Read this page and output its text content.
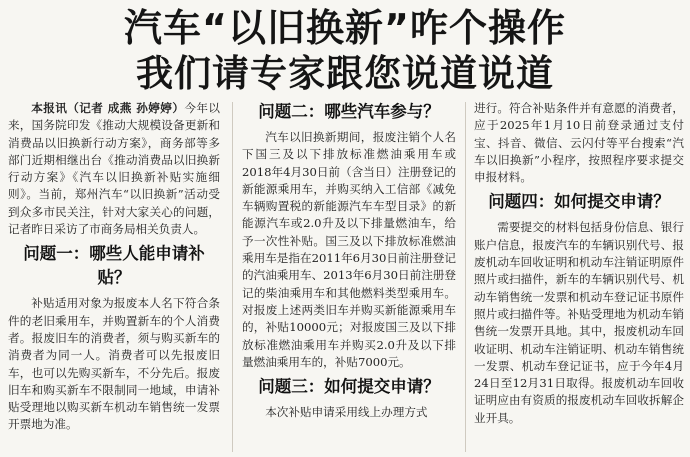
汽车“以旧换新”咋个操作
我们请专家跟您说道说道

本报讯（记者 成燕 孙婷婷）今年以来，国务院印发《推动大规模设备更新和消费品以旧换新行动方案》，商务部等多部门近期相继出台《推动消费品以旧换新行动方案》《汽车以旧换新补贴实施细则》。当前，郑州汽车“以旧换新”活动受到众多市民关注，针对大家关心的问题，记者昨日采访了市商务局相关负责人。

问题一：哪些人能申请补贴？

补贴适用对象为报废本人名下符合条件的老旧乘用车，并购置新车的个人消费者。报废旧车的消费者，须与购买新车的消费者为同一人。消费者可以先报废旧车，也可以先购买新车，不分先后。报废旧车和购买新车不限制同一地域，申请补贴受理地以购买新车机动车销售统一发票开票地为准。

问题二：哪些汽车参与？

汽车以旧换新期间，报废注销个人名下国三及以下排放标准燃油乘用车或2018年4月30日前（含当日）注册登记的新能源乘用车，并购买纳入工信部《减免车辆购置税的新能源汽车车型目录》的新能源汽车或2.0升及以下排量燃油车，给予一次性补贴。国三及以下排放标准燃油乘用车是指在2011年6月30日前注册登记的汽油乘用车、2013年6月30日前注册登记的柴油乘用车和其他燃料类型乘用车。对报废上述两类旧车并购买新能源乘用车的，补贴10000元；对报废国三及以下排放标准燃油乘用车并购买2.0升及以下排量燃油乘用车的，补贴7000元。

问题三：如何提交申请？

本次补贴申请采用线上办理方式

进行。符合补贴条件并有意愿的消费者，应于2025年1月10日前登录通过支付宝、抖音、微信、云闪付等平台搜索“汽车以旧换新”小程序，按照程序要求提交申报材料。

问题四：如何提交申请？

需要提交的材料包括身份信息、银行账户信息，报废汽车的车辆识别代号、报废机动车回收证明和机动车注销证明原件照片或扫描件，新车的车辆识别代号、机动车销售统一发票和机动车登记证书原件照片或扫描件等。补贴受理地为机动车销售统一发票开具地。其中，报废机动车回收证明、机动车注销证明、机动车销售统一发票、机动车登记证书，应于今年4月24日至12月31日取得。报废机动车回收证明应由有资质的报废机动车回收拆解企业开具。
